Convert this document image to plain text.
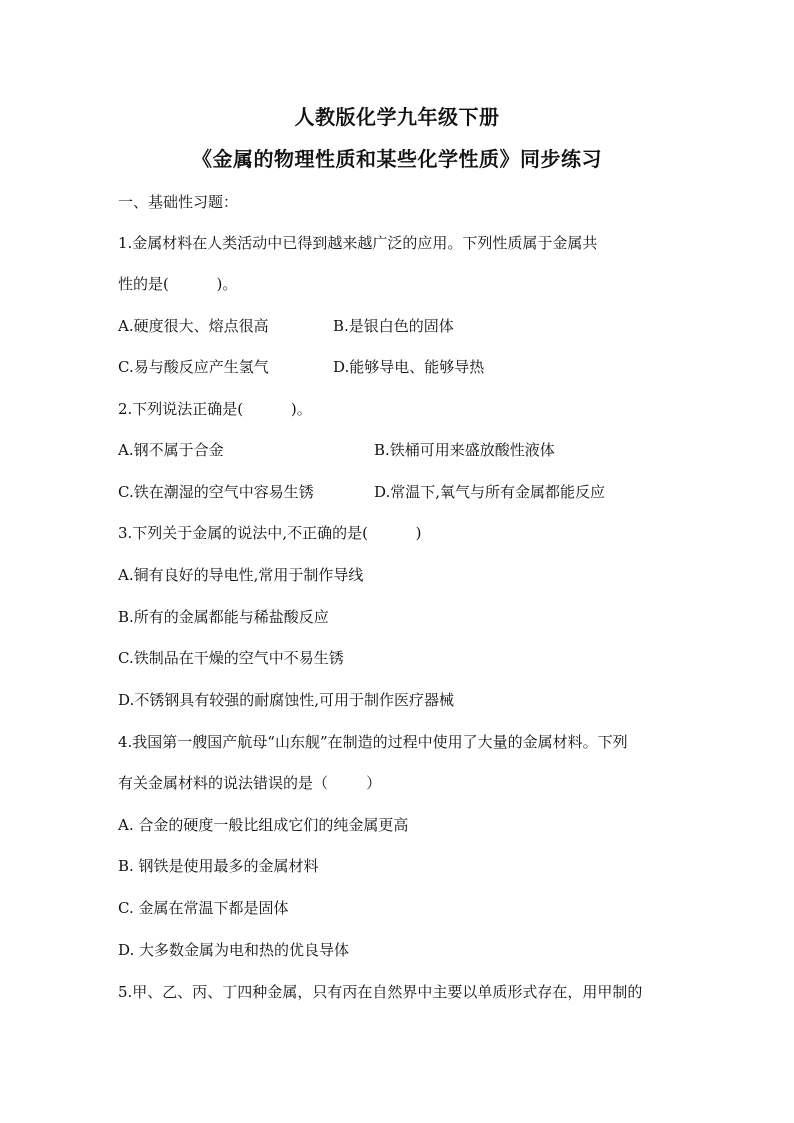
人教版化学九年级下册
《金属的物理性质和某些化学性质》同步练习
一、基础性习题：
1.金属材料在人类活动中已得到越来越广泛的应用。下列性质属于金属共
性的是(          )。
A.硬度很大、熔点很高	B.是银白色的固体
C.易与酸反应产生氢气	D.能够导电、能够导热
2.下列说法正确是(          )。
A.钢不属于合金	B.铁桶可用来盛放酸性液体
C.铁在潮湿的空气中容易生锈	D.常温下,氧气与所有金属都能反应
3.下列关于金属的说法中,不正确的是(          )
A.铜有良好的导电性,常用于制作导线
B.所有的金属都能与稀盐酸反应
C.铁制品在干燥的空气中不易生锈
D.不锈钢具有较强的耐腐蚀性,可用于制作医疗器械
4.我国第一艘国产航母“山东舰”在制造的过程中使用了大量的金属材料。下列
有关金属材料的说法错误的是（        ）
A. 合金的硬度一般比组成它们的纯金属更高
B. 钢铁是使用最多的金属材料
C. 金属在常温下都是固体
D. 大多数金属为电和热的优良导体
5.甲、乙、丙、丁四种金属，只有丙在自然界中主要以单质形式存在，用甲制的
